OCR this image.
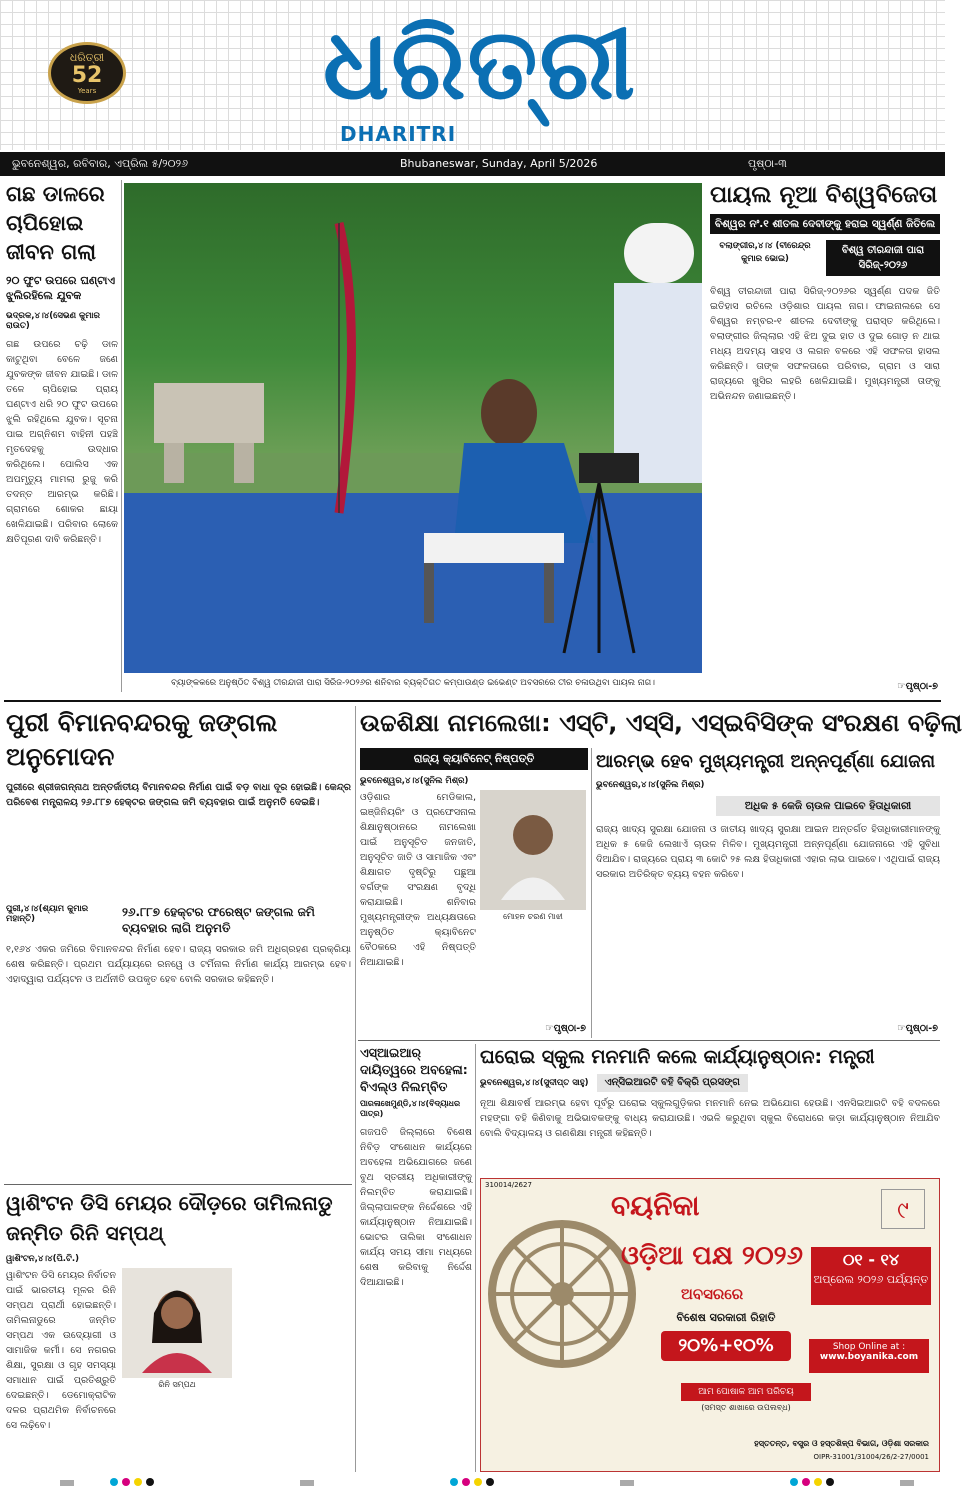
ଧରିତ୍ରୀ
52
Years ଧରିତ୍ରୀ
DHARITRI
ଭୁବନେଶ୍ୱର, ରବିବାର, ଏପ୍ରିଲ ୫/୨୦୨୬	Bhubaneswar, Sunday, April 5/2026	ପୃଷ୍ଠା-୩
ଗଛ ଡାଳରେ ଚାପିହୋଇ ଜୀବନ ଗଲା
୨୦ ଫୁଟ ଉପରେ ଘଣ୍ଟାଏ ଝୁଲିରହିଲେ ଯୁବକ
ଭଦ୍ରକ,୪।୪(ସେଭଣ କୁମାର ରାଉତ)
ଗଛ ଉପରେ ଚଢ଼ି ଡାଳ କାଟୁଥିବା ବେଳେ ଜଣେ ଯୁବକଙ୍କ ଜୀବନ ଯାଇଛି। ଡାଳ ତଳେ ଚାପିହୋଇ ପ୍ରାୟ ଘଣ୍ଟାଏ ଧରି ୨୦ ଫୁଟ ଉପରେ ଝୁଲି ରହିଥିଲେ ଯୁବକ। ସୂଚନା ପାଇ ଅଗ୍ନିଶମ ବାହିନୀ ପହଞ୍ଚି ମୃତଦେହକୁ ଉଦ୍ଧାର କରିଥିଲେ। ପୋଲିସ ଏକ ଅପମୃତ୍ୟୁ ମାମଲା ରୁଜୁ କରି ତଦନ୍ତ ଆରମ୍ଭ କରିଛି। ଗ୍ରାମରେ ଶୋକର ଛାୟା ଖେଳିଯାଇଛି। ପରିବାର ଲୋକେ କ୍ଷତିପୂରଣ ଦାବି କରିଛନ୍ତି।
ବ୍ୟାଙ୍କକରେ ଅନୁଷ୍ଠିତ ବିଶ୍ୱ ତୀରନ୍ଦାଜୀ ପାରା ସିରିଜ-୨୦୨୬ର ଶନିବାର ବ୍ୟକ୍ତିଗତ କମ୍ପାଉଣ୍ଡ ଇଭେଣ୍ଟ ଅବସରରେ ତୀର ଚଳାଉଥିବା ପାୟଲ ନାଗ।
ପାୟଲ ନୂଆ ବିଶ୍ୱବିଜେତା
ବିଶ୍ୱର ନଂ.୧ ଶୀତଲ ଦେବୀଙ୍କୁ ହରାଇ ସ୍ୱର୍ଣ୍ଣ ଜିତିଲେ
ବଲାଙ୍ଗୀର,୪।୪ (ବୀରେନ୍ଦ୍ର କୁମାର ଭୋଇ)
ବିଶ୍ୱ ତୀରନ୍ଦାଜୀ ପାରା ସିରିଜ୍-୨୦୨୬
ବିଶ୍ୱ ତୀରନ୍ଦାଜୀ ପାରା ସିରିଜ୍-୨୦୨୬ର ସ୍ୱର୍ଣ୍ଣ ପଦକ ଜିତି ଇତିହାସ ରଚିଲେ ଓଡ଼ିଶାର ପାୟଲ ନାଗ। ଫାଇନାଲରେ ସେ ବିଶ୍ୱର ନମ୍ବର-୧ ଶୀତଲ ଦେବୀଙ୍କୁ ପରାସ୍ତ କରିଥିଲେ। ବଲାଙ୍ଗୀର ଜିଲ୍ଲାର ଏହି ଝିଅ ଦୁଇ ହାତ ଓ ଦୁଇ ଗୋଡ଼ ନ ଥାଇ ମଧ୍ୟ ଅଦମ୍ୟ ସାହସ ଓ ଲଗନ ବଳରେ ଏହି ସଫଳତା ହାସଲ କରିଛନ୍ତି। ତାଙ୍କ ସଫଳତାରେ ପରିବାର, ଗ୍ରାମ ଓ ସାରା ରାଜ୍ୟରେ ଖୁସିର ଲହରି ଖେଳିଯାଇଛି। ମୁଖ୍ୟମନ୍ତ୍ରୀ ତାଙ୍କୁ ଅଭିନନ୍ଦନ ଜଣାଇଛନ୍ତି।
☞ପୃଷ୍ଠା-୭
ପୁରୀ ବିମାନବନ୍ଦରକୁ ଜଙ୍ଗଲ ଅନୁମୋଦନ
ପୁରୀରେ ଶ୍ରୀଜଗନ୍ନାଥ ଅନ୍ତର୍ଜାତୀୟ ବିମାନବନ୍ଦର ନିର୍ମାଣ ପାଇଁ ବଡ଼ ବାଧା ଦୂର ହୋଇଛି। କେନ୍ଦ୍ର ପରିବେଶ ମନ୍ତ୍ରାଳୟ ୨୬.୮୮୭ ହେକ୍ଟର ଜଙ୍ଗଲ ଜମି ବ୍ୟବହାର ପାଇଁ ଅନୁମତି ଦେଇଛି।
ପୁରୀ,୪।୪(ଶ୍ୟାମ କୁମାର ମହାନ୍ତି)	୨୬.୮୮୭ ହେକ୍ଟର ଫରେଷ୍ଟ ଜଙ୍ଗଲ ଜମି ବ୍ୟବହାର ଲାଗି ଅନୁମତି
୧,୧୬୪ ଏକର ଜମିରେ ବିମାନବନ୍ଦର ନିର୍ମାଣ ହେବ। ରାଜ୍ୟ ସରକାର ଜମି ଅଧିଗ୍ରହଣ ପ୍ରକ୍ରିୟା ଶେଷ କରିଛନ୍ତି। ପ୍ରଥମ ପର୍ଯ୍ୟାୟରେ ରନୱେ ଓ ଟର୍ମିନାଲ ନିର୍ମାଣ କାର୍ଯ୍ୟ ଆରମ୍ଭ ହେବ। ଏହାଦ୍ୱାରା ପର୍ଯ୍ୟଟନ ଓ ଅର୍ଥନୀତି ଉପକୃତ ହେବ ବୋଲି ସରକାର କହିଛନ୍ତି।
ଉଚ୍ଚଶିକ୍ଷା ନାମଲେଖା: ଏସ୍‌ଟି, ଏସ୍‌ସି, ଏସ୍‌ଇବିସିଙ୍କ ସଂରକ୍ଷଣ ବଢ଼ିଲା
ରାଜ୍ୟ କ୍ୟାବିନେଟ୍ ନିଷ୍ପତ୍ତି
ଭୁବନେଶ୍ୱର,୪।୪(ସୁନିଲ ମିଶ୍ର)
ଓଡ଼ିଶାର ମେଡିକାଲ, ଇଞ୍ଜିନିୟରିଂ ଓ ପ୍ରଫେସନାଲ ଶିକ୍ଷାନୁଷ୍ଠାନରେ ନାମଲେଖା ପାଇଁ ଅନୁସୂଚିତ ଜନଜାତି, ଅନୁସୂଚିତ ଜାତି ଓ ସାମାଜିକ ଏବଂ ଶିକ୍ଷାଗତ ଦୃଷ୍ଟିରୁ ପଛୁଆ ବର୍ଗଙ୍କ ସଂରକ୍ଷଣ ବୃଦ୍ଧି କରାଯାଇଛି। ଶନିବାର ମୁଖ୍ୟମନ୍ତ୍ରୀଙ୍କ ଅଧ୍ୟକ୍ଷତାରେ ଅନୁଷ୍ଠିତ କ୍ୟାବିନେଟ ବୈଠକରେ ଏହି ନିଷ୍ପତ୍ତି ନିଆଯାଇଛି।
ମୋହନ ଚରଣ ମାଝୀ
☞ପୃଷ୍ଠା-୭
ଆରମ୍ଭ ହେବ ମୁଖ୍ୟମନ୍ତ୍ରୀ ଅନ୍ନପୂର୍ଣ୍ଣା ଯୋଜନା
ଭୁବନେଶ୍ୱର,୪।୪(ସୁନିଲ ମିଶ୍ର)
ଅଧିକ ୫ କେଜି ଚାଉଳ ପାଇବେ ହିତାଧିକାରୀ
ରାଜ୍ୟ ଖାଦ୍ୟ ସୁରକ୍ଷା ଯୋଜନା ଓ ଜାତୀୟ ଖାଦ୍ୟ ସୁରକ୍ଷା ଆଇନ ଅନ୍ତର୍ଗତ ହିତାଧିକାରୀମାନଙ୍କୁ ଅଧିକ ୫ କେଜି ଲେଖାଏଁ ଚାଉଳ ମିଳିବ। ମୁଖ୍ୟମନ୍ତ୍ରୀ ଅନ୍ନପୂର୍ଣ୍ଣା ଯୋଜନାରେ ଏହି ସୁବିଧା ଦିଆଯିବ। ରାଜ୍ୟରେ ପ୍ରାୟ ୩ କୋଟି ୨୫ ଲକ୍ଷ ହିତାଧିକାରୀ ଏହାର ଲାଭ ପାଇବେ। ଏଥିପାଇଁ ରାଜ୍ୟ ସରକାର ଅତିରିକ୍ତ ବ୍ୟୟ ବହନ କରିବେ।
☞ପୃଷ୍ଠା-୭
ଏସ୍‌ଆଇଆର୍ ଦାୟିତ୍ୱରେ ଅବହେଳା: ବିଏଲ୍‌ଓ ନିଲମ୍ବିତ
ପାରଳାଖେମୁଣ୍ଡି,୪।୪(ବିଦ୍ୟାଧର ପାତ୍ର)
ଗଜପତି ଜିଲ୍ଲାରେ ବିଶେଷ ନିବିଡ଼ ସଂଶୋଧନ କାର୍ଯ୍ୟରେ ଅବହେଳା ଅଭିଯୋଗରେ ଜଣେ ବୁଥ ସ୍ତରୀୟ ଅଧିକାରୀଙ୍କୁ ନିଲମ୍ବିତ କରାଯାଇଛି। ଜିଲ୍ଲାପାଳଙ୍କ ନିର୍ଦ୍ଦେଶରେ ଏହି କାର୍ଯ୍ୟାନୁଷ୍ଠାନ ନିଆଯାଇଛି। ଭୋଟର ତାଲିକା ସଂଶୋଧନ କାର୍ଯ୍ୟ ସମୟ ସୀମା ମଧ୍ୟରେ ଶେଷ କରିବାକୁ ନିର୍ଦ୍ଦେଶ ଦିଆଯାଇଛି।
ଘରୋଇ ସ୍କୁଲ ମନମାନି କଲେ କାର୍ଯ୍ୟାନୁଷ୍ଠାନ: ମନ୍ତ୍ରୀ
ଭୁବନେଶ୍ୱର,୪।୪(ସୁଦୀପ୍ତ ସାହୁ)	ଏନ୍‌ସିଇଆରଟି ବହି ବିକ୍ରି ପ୍ରସଙ୍ଗ
ନୂଆ ଶିକ୍ଷାବର୍ଷ ଆରମ୍ଭ ହେବା ପୂର୍ବରୁ ଘରୋଇ ସ୍କୁଲଗୁଡ଼ିକର ମନମାନି ନେଇ ଅଭିଯୋଗ ହେଉଛି। ଏନସିଇଆରଟି ବହି ବଦଳରେ ମହଙ୍ଗା ବହି କିଣିବାକୁ ଅଭିଭାବକଙ୍କୁ ବାଧ୍ୟ କରାଯାଉଛି। ଏଭଳି କରୁଥିବା ସ୍କୁଲ ବିରୋଧରେ କଡ଼ା କାର୍ଯ୍ୟାନୁଷ୍ଠାନ ନିଆଯିବ ବୋଲି ବିଦ୍ୟାଳୟ ଓ ଗଣଶିକ୍ଷା ମନ୍ତ୍ରୀ କହିଛନ୍ତି।
310014/2627
ବୟନିକା	୯
ଓଡ଼ିଆ ପକ୍ଷ ୨୦୨୬	୦୧ - ୧୪
ଅପ୍ରେଲ ୨୦୨୬ ପର୍ଯ୍ୟନ୍ତ
ଅବସରରେ
ବିଶେଷ ସରକାରୀ ରିହାତି
୨୦%+୧୦%	Shop Online at :
www.boyanika.com
ଆମ ପୋଷାକ ଆମ ପରିଚୟ
(ସମସ୍ତ ଶାଖାରେ ଉପଲବ୍ଧ)
ହସ୍ତତନ୍ତ, ବସ୍ତ୍ର ଓ ହସ୍ତଶିଳ୍ପ ବିଭାଗ, ଓଡ଼ିଶା ସରକାର
OIPR-31001/31004/26/2-27/0001
ୱାଶିଂଟନ ଡିସି ମେୟର ଦୌଡ଼ରେ ତାମିଲନାଡୁ ଜନ୍ମିତ ରିନି ସମ୍ପଥ୍
ୱାଶିଂଟନ,୪।୪(ପି.ଟି.)
ୱାଶିଂଟନ ଡିସି ମେୟର ନିର୍ବାଚନ ପାଇଁ ଭାରତୀୟ ମୂଳର ରିନି ସମ୍ପଥ ପ୍ରାର୍ଥୀ ହୋଇଛନ୍ତି। ତାମିଲନାଡୁରେ ଜନ୍ମିତ ସମ୍ପଥ ଏକ ଉଦ୍ୟୋଗୀ ଓ ସାମାଜିକ କର୍ମୀ। ସେ ନଗରର ଶିକ୍ଷା, ସୁରକ୍ଷା ଓ ଗୃହ ସମସ୍ୟା ସମାଧାନ ପାଇଁ ପ୍ରତିଶ୍ରୁତି ଦେଇଛନ୍ତି। ଡେମୋକ୍ରାଟିକ ଦଳର ପ୍ରାଥମିକ ନିର୍ବାଚନରେ ସେ ଲଢ଼ିବେ।
ରିନି ସମ୍ପଥ
